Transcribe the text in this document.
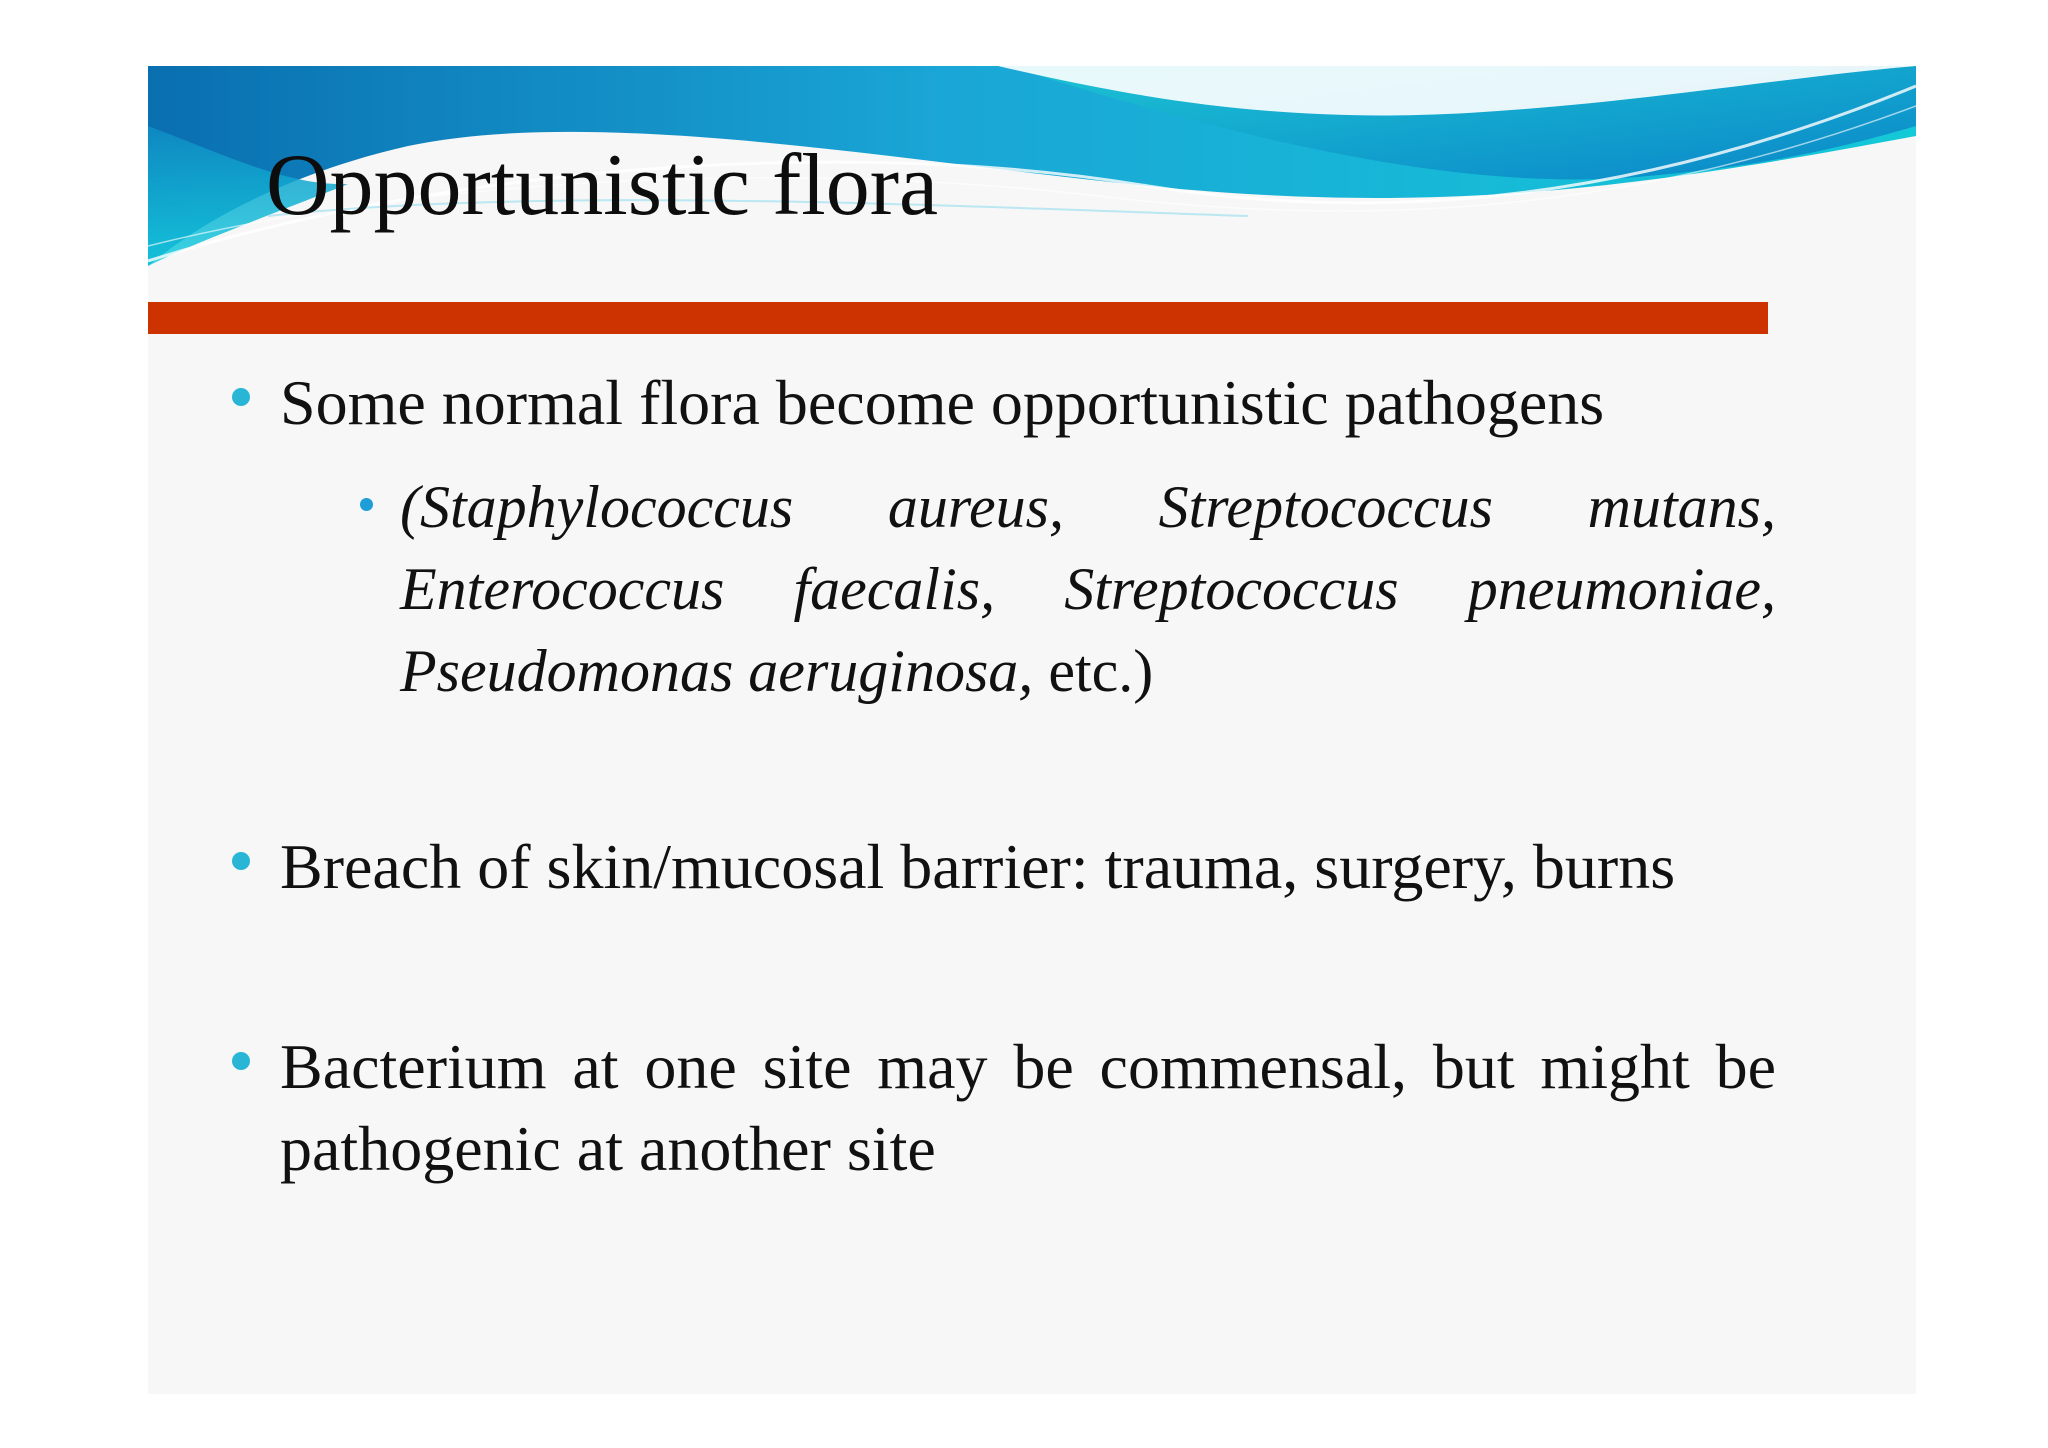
Opportunistic flora
Some normal flora become opportunistic pathogens
(Staphylococcus aureus, Streptococcus mutans, Enterococcus faecalis, Streptococcus pneumoniae, Pseudomonas aeruginosa, etc.)
Breach of skin/mucosal barrier: trauma, surgery, burns
Bacterium at one site may be commensal, but might be pathogenic at another site
